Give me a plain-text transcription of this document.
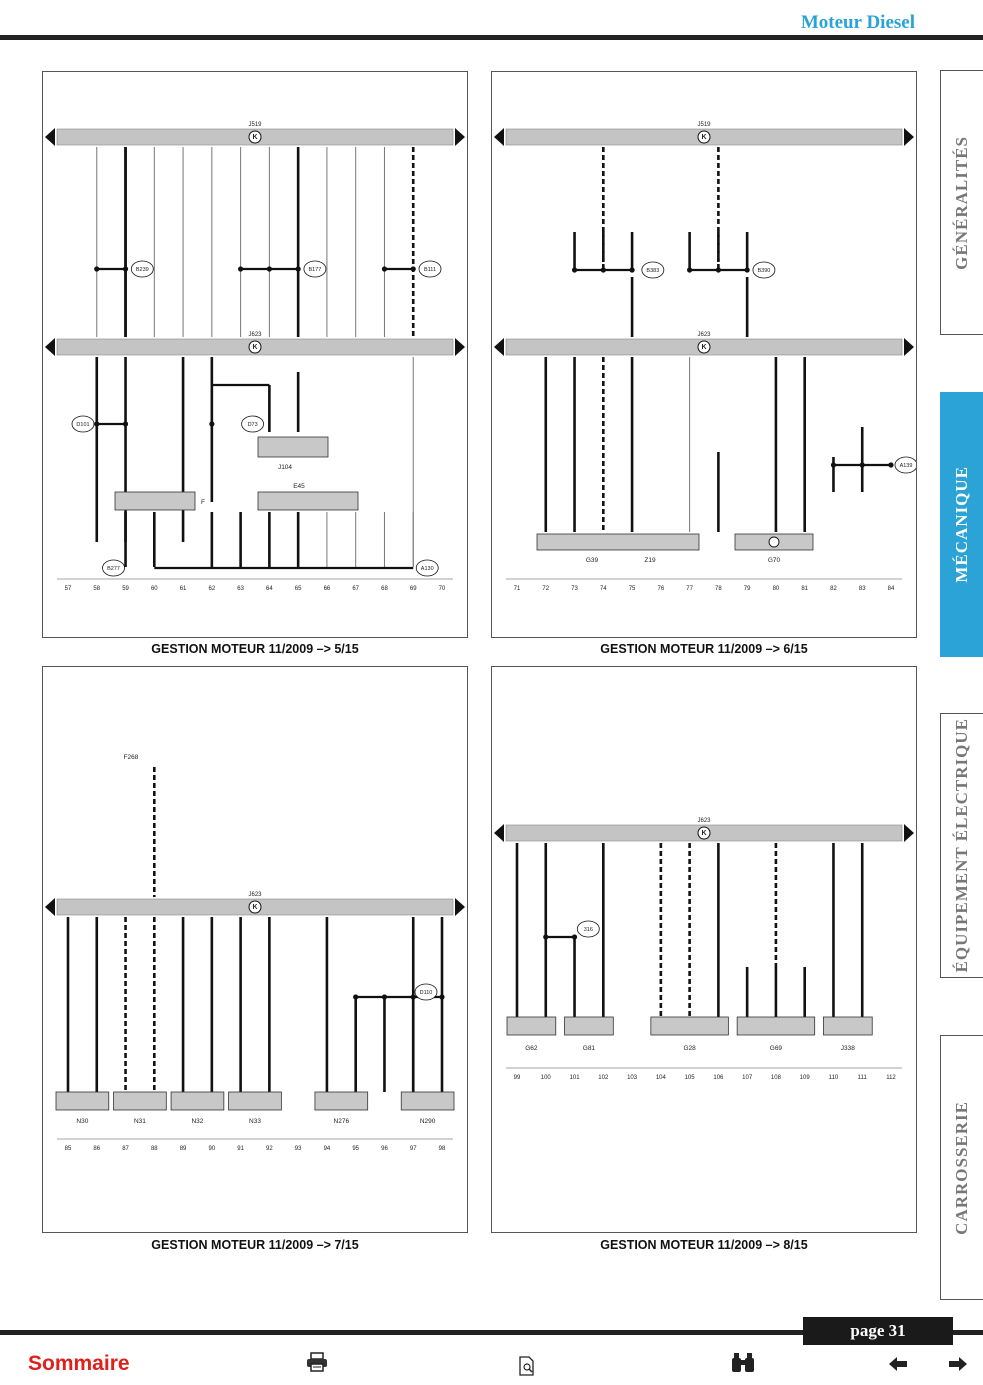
Moteur Diesel
GÉNÉRALITÉS
MÉCANIQUE
ÉQUIPEMENT ÉLECTRIQUE
CARROSSERIE
K
J519
K
J623
B239	B177	B111
D101	D73
F
J104
E45
B277	A130
57	58	59	60	61	62	63	64	65	66	67	68	69	70
GESTION MOTEUR 11/2009 –> 5/15
K
J519
K
J623
B383	B390
A139
G39	Z19	G70
71	72	73	74	75	76	77	78	79	80	81	82	83	84
GESTION MOTEUR 11/2009 –> 6/15
F268
K
J623
D110
N30	N31	N32	N33	N276	N290
85	86	87	88	89	90	91	92	93	94	95	96	97	98
GESTION MOTEUR 11/2009 –> 7/15
K
J623
316
G62	G81	G28	G69	J338
99	100	101	102	103	104	105	106	107	108	109	110	111	112
GESTION MOTEUR 11/2009 –> 8/15
page 31
Sommaire
